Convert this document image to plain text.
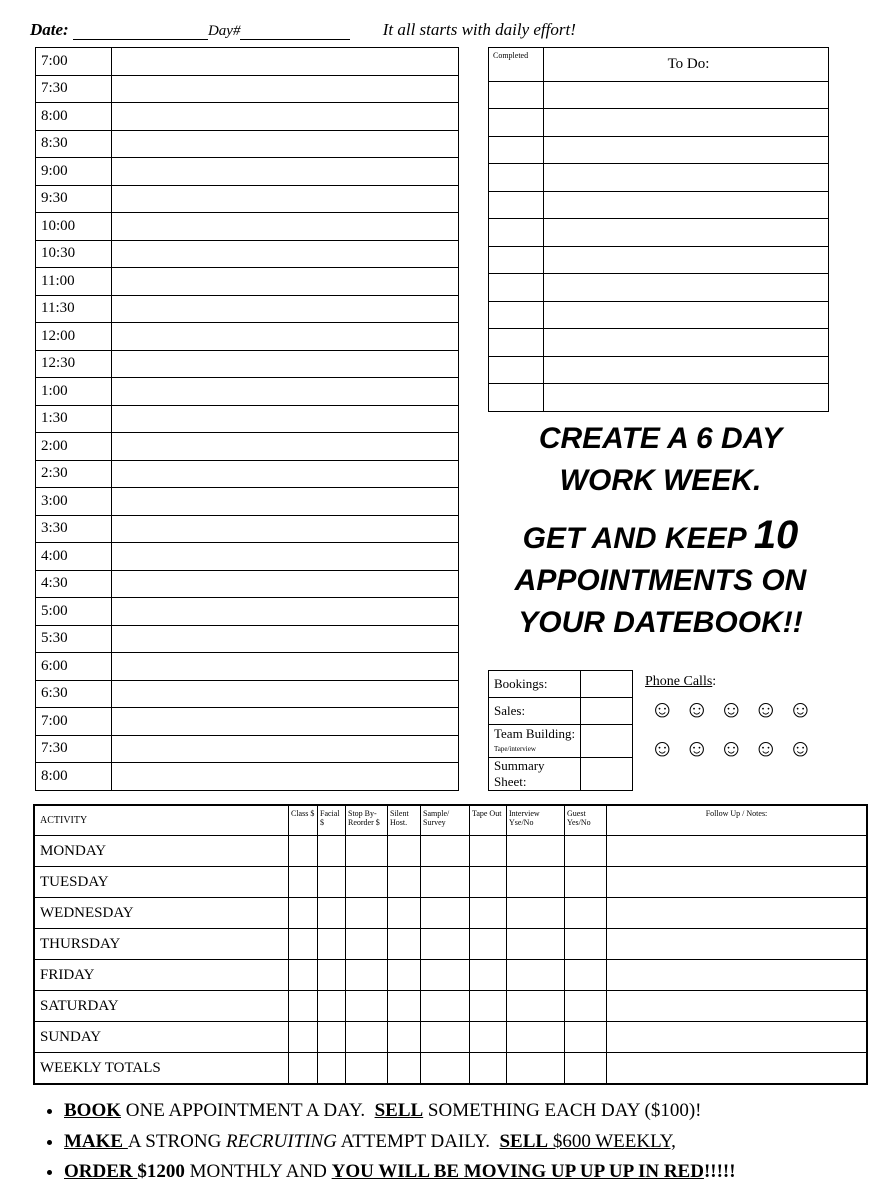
Date:	Day#	It all starts with daily effort!
7:00	
7:30	
8:00	
8:30	
9:00	
9:30	
10:00	
10:30	
11:00	
11:30	
12:00	
12:30	
1:00	
1:30	
2:00	
2:30	
3:00	
3:30	
4:00	
4:30	
5:00	
5:30	
6:00	
6:30	
7:00	
7:30	
8:00	
Completed	To Do:

CREATE A 6 DAY
WORK WEEK.
GET AND KEEP 10
APPOINTMENTS ON
YOUR DATEBOOK!!
Bookings:	
Sales:	
Team Building:
Tape/interview	
Summary Sheet:	
Phone Calls:
☺☺☺☺☺
☺☺☺☺☺
ACTIVITY	Class $	Facial $	Stop By-Reorder $	Silent Host.	Sample/ Survey	Tape Out	Interview Yse/No	Guest Yes/No	Follow Up / Notes:
MONDAY									
TUESDAY									
WEDNESDAY									
THURSDAY									
FRIDAY									
SATURDAY									
SUNDAY									
WEEKLY TOTALS									
• BOOK ONE APPOINTMENT A DAY.  SELL SOMETHING EACH DAY ($100)!
• MAKE A STRONG RECRUITING ATTEMPT DAILY.  SELL $600 WEEKLY,
• ORDER $1200 MONTHLY AND YOU WILL BE MOVING UP UP UP IN RED!!!!!
